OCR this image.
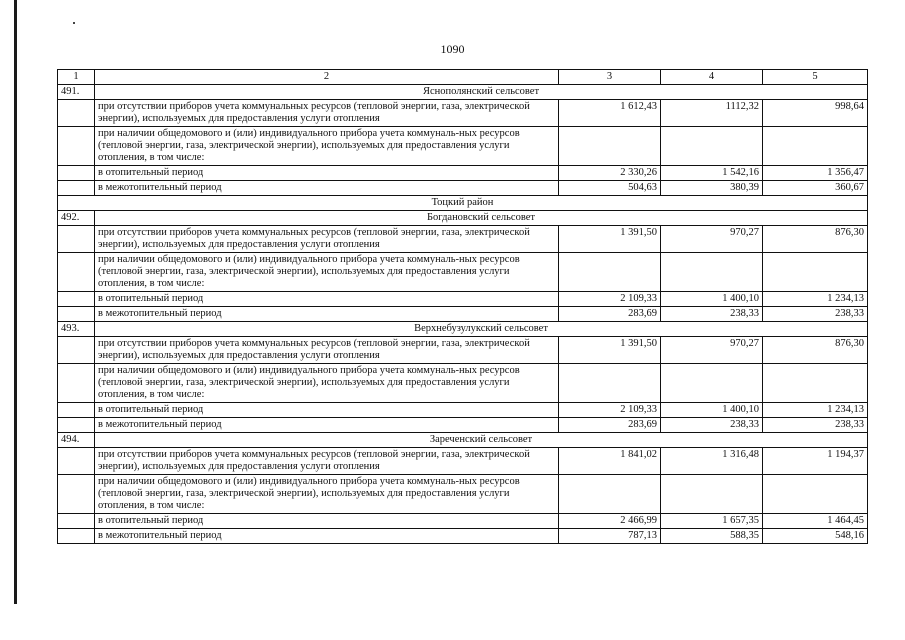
1090
1	2	3	4	5
491.	Яснополянский сельсовет			
	при отсутствии приборов учета коммунальных ресурсов (тепловой энергии, газа, электрической энергии), используемых для предоставления услуги отопления	1 612,43	1112,32	998,64
	при наличии общедомового и (или) индивидуального прибора учета коммуналь-ных ресурсов (тепловой энергии, газа, электрической энергии), используемых для предоставления услуги отопления, в том числе:			
	в отопительный период	2 330,26	1 542,16	1 356,47
	в межотопительный период	504,63	380,39	360,67
Тоцкий район				
492.	Богдановский сельсовет			
	при отсутствии приборов учета коммунальных ресурсов (тепловой энергии, газа, электрической энергии), используемых для предоставления услуги отопления	1 391,50	970,27	876,30
	при наличии общедомового и (или) индивидуального прибора учета коммуналь-ных ресурсов (тепловой энергии, газа, электрической энергии), используемых для предоставления услуги отопления, в том числе:			
	в отопительный период	2 109,33	1 400,10	1 234,13
	в межотопительный период	283,69	238,33	238,33
493.	Верхнебузулукский сельсовет			
	при отсутствии приборов учета коммунальных ресурсов (тепловой энергии, газа, электрической энергии), используемых для предоставления услуги отопления	1 391,50	970,27	876,30
	при наличии общедомового и (или) индивидуального прибора учета коммуналь-ных ресурсов (тепловой энергии, газа, электрической энергии), используемых для предоставления услуги отопления, в том числе:			
	в отопительный период	2 109,33	1 400,10	1 234,13
	в межотопительный период	283,69	238,33	238,33
494.	Зареченский сельсовет			
	при отсутствии приборов учета коммунальных ресурсов (тепловой энергии, газа, электрической энергии), используемых для предоставления услуги отопления	1 841,02	1 316,48	1 194,37
	при наличии общедомового и (или) индивидуального прибора учета коммуналь-ных ресурсов (тепловой энергии, газа, электрической энергии), используемых для предоставления услуги отопления, в том числе:			
	в отопительный период	2 466,99	1 657,35	1 464,45
	в межотопительный период	787,13	588,35	548,16
